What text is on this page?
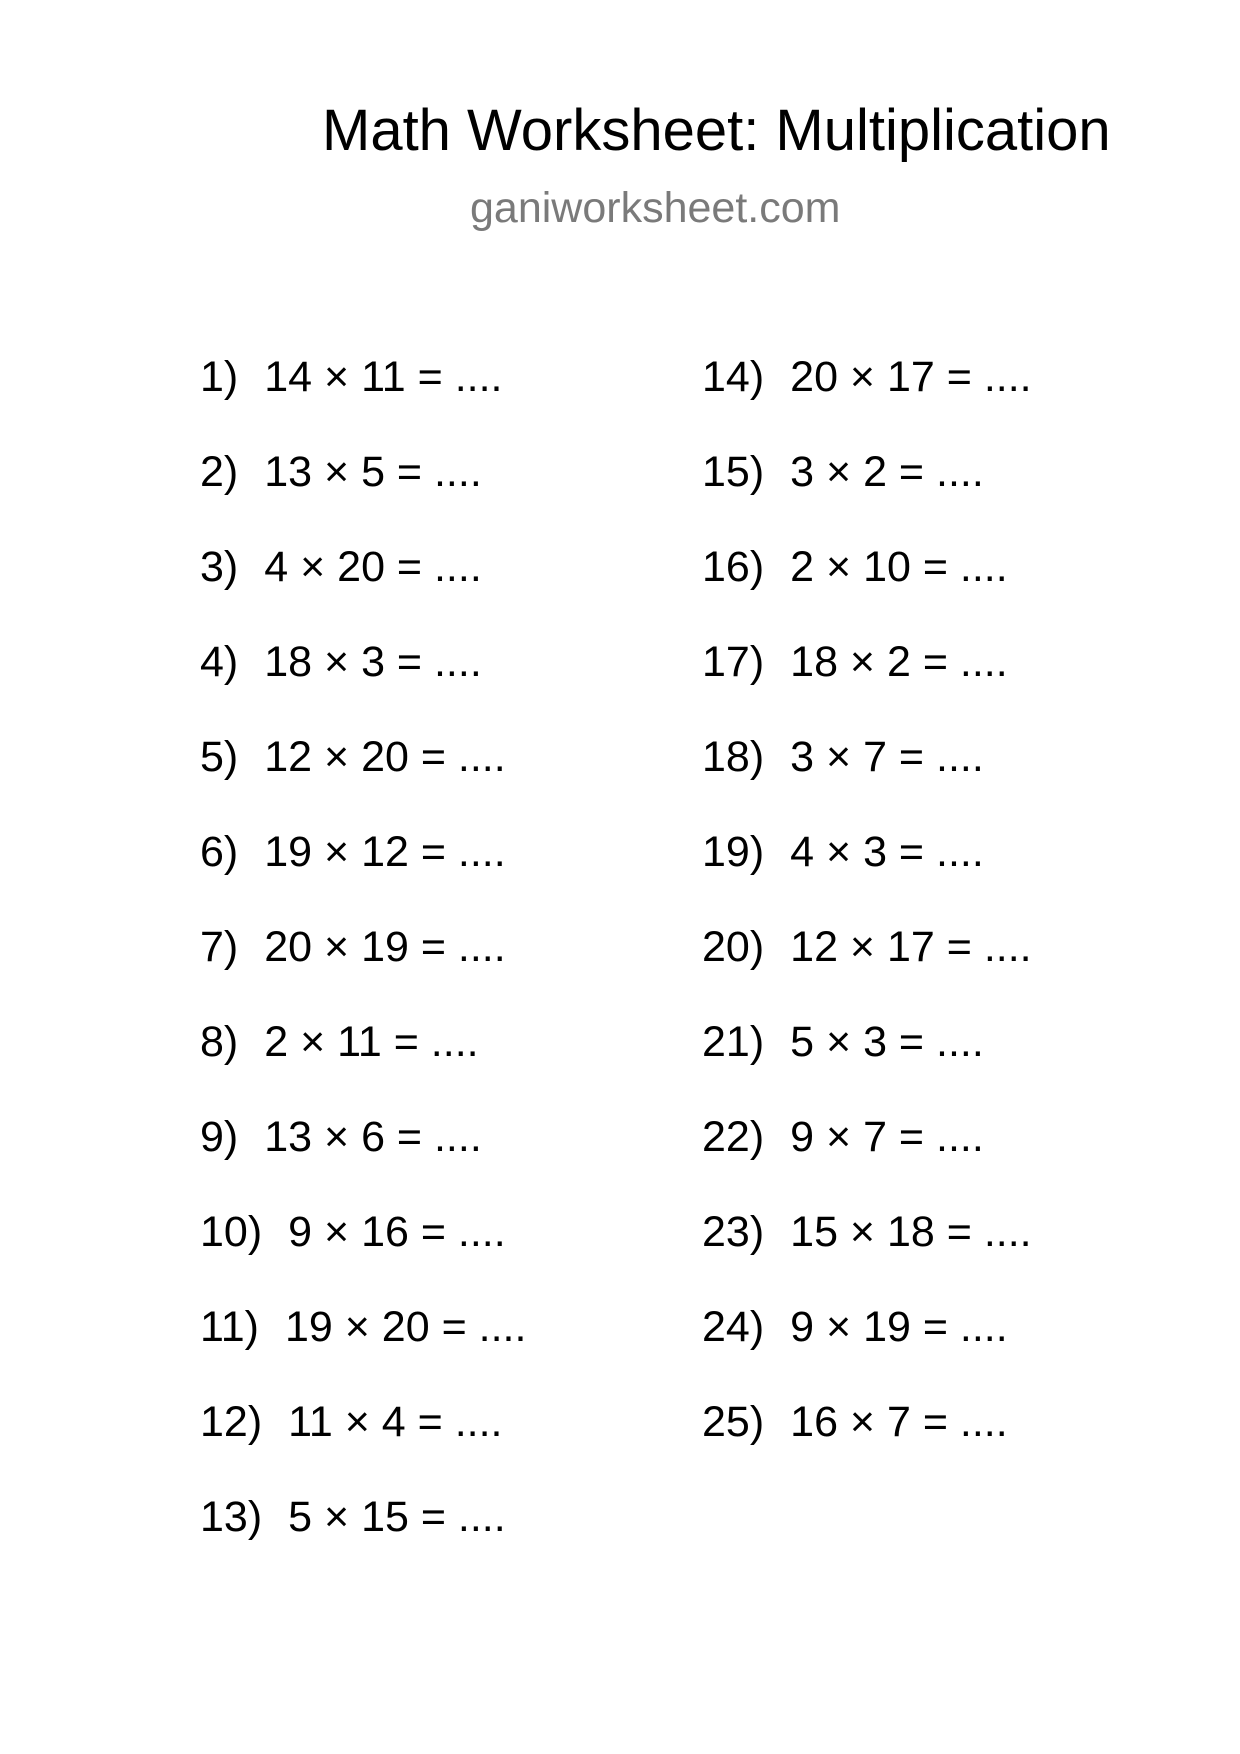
Math Worksheet: Multiplication
ganiworksheet.com
1) 14 × 11 = ....
2) 13 × 5 = ....
3) 4 × 20 = ....
4) 18 × 3 = ....
5) 12 × 20 = ....
6) 19 × 12 = ....
7) 20 × 19 = ....
8) 2 × 11 = ....
9) 13 × 6 = ....
10) 9 × 16 = ....
11) 19 × 20 = ....
12) 11 × 4 = ....
13) 5 × 15 = ....
14) 20 × 17 = ....
15) 3 × 2 = ....
16) 2 × 10 = ....
17) 18 × 2 = ....
18) 3 × 7 = ....
19) 4 × 3 = ....
20) 12 × 17 = ....
21) 5 × 3 = ....
22) 9 × 7 = ....
23) 15 × 18 = ....
24) 9 × 19 = ....
25) 16 × 7 = ....
